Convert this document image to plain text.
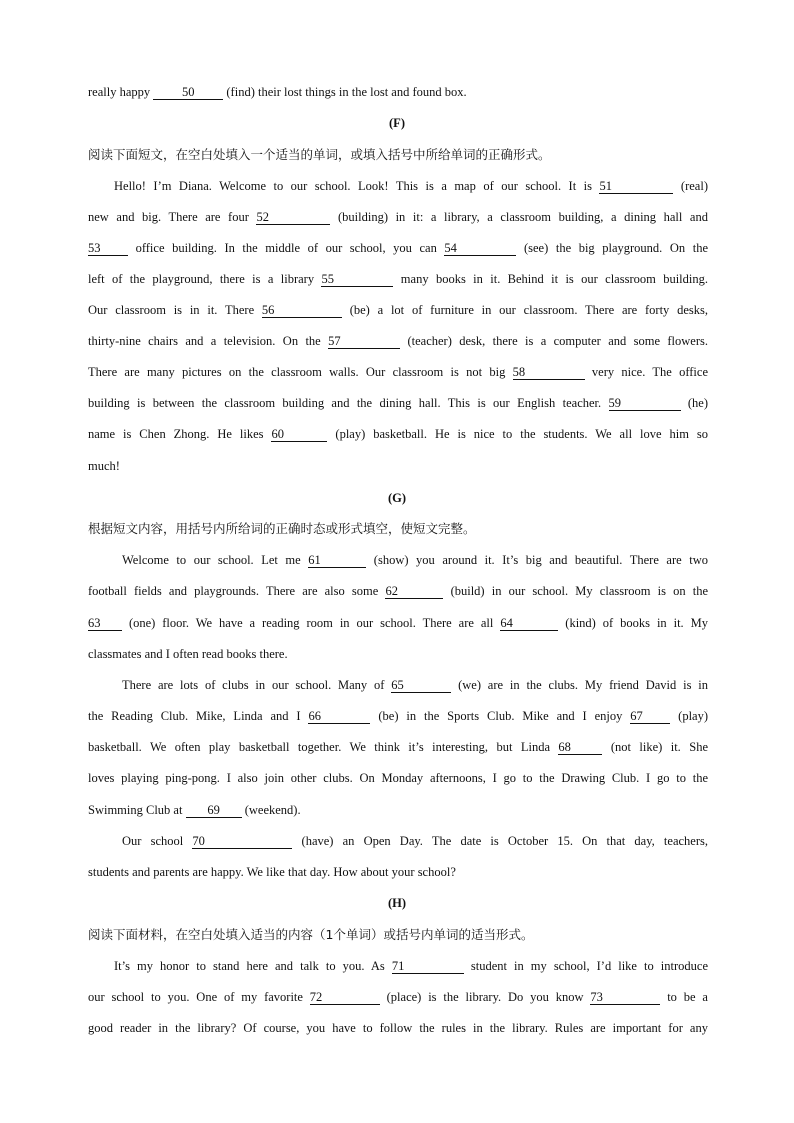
really happy 50 (find) their lost things in the lost and found box.
(F)
阅读下面短文，在空白处填入一个适当的单词，或填入括号中所给单词的正确形式。
Hello! I’m Diana. Welcome to our school. Look! This is a map of our school. It is 51	(real)
new and big. There are four 52	(building) in it: a library, a classroom building, a dining hall and
53 office building. In the middle of our school, you can 54	(see) the big playground. On the
left of the playground, there is a library 55	many books in it. Behind it is our classroom building.
Our classroom is in it. There 56	(be) a lot of furniture in our classroom. There are forty desks,
thirty-nine chairs and a television. On the 57	(teacher) desk, there is a computer and some flowers.
There are many pictures on the classroom walls. Our classroom is not big 58	very nice. The office
building is between the classroom building and the dining hall. This is our English teacher. 59	(he)
name is Chen Zhong. He likes 60	(play) basketball. He is nice to the students. We all love him so
much!
(G)
根据短文内容，用括号内所给词的正确时态或形式填空，使短文完整。
Welcome to our school. Let me 61	(show) you around it. It’s big and beautiful. There are two
football fields and playgrounds. There are also some 62	(build) in our school. My classroom is on the
63 (one) floor. We have a reading room in our school. There are all 64	(kind) of books in it. My
classmates and I often read books there.
There are lots of clubs in our school. Many of 65	(we) are in the clubs. My friend David is in
the Reading Club. Mike, Linda and I 66	(be) in the Sports Club. Mike and I enjoy 67 (play)
basketball. We often play basketball together. We think it’s interesting, but Linda 68	(not like) it. She
loves playing ping-pong. I also join other clubs. On Monday afternoons, I go to the Drawing Club. I go to the
Swimming Club at 69 (weekend).
Our school 70	(have) an Open Day. The date is October 15. On that day, teachers,
students and parents are happy. We like that day. How about your school?
(H)
阅读下面材料，在空白处填入适当的内容（1个单词）或括号内单词的适当形式。
It’s my honor to stand here and talk to you. As 71	student in my school, I’d like to introduce
our school to you. One of my favorite 72	(place) is the library. Do you know 73	to be a
good reader in the library? Of course, you have to follow the rules in the library. Rules are important for any
